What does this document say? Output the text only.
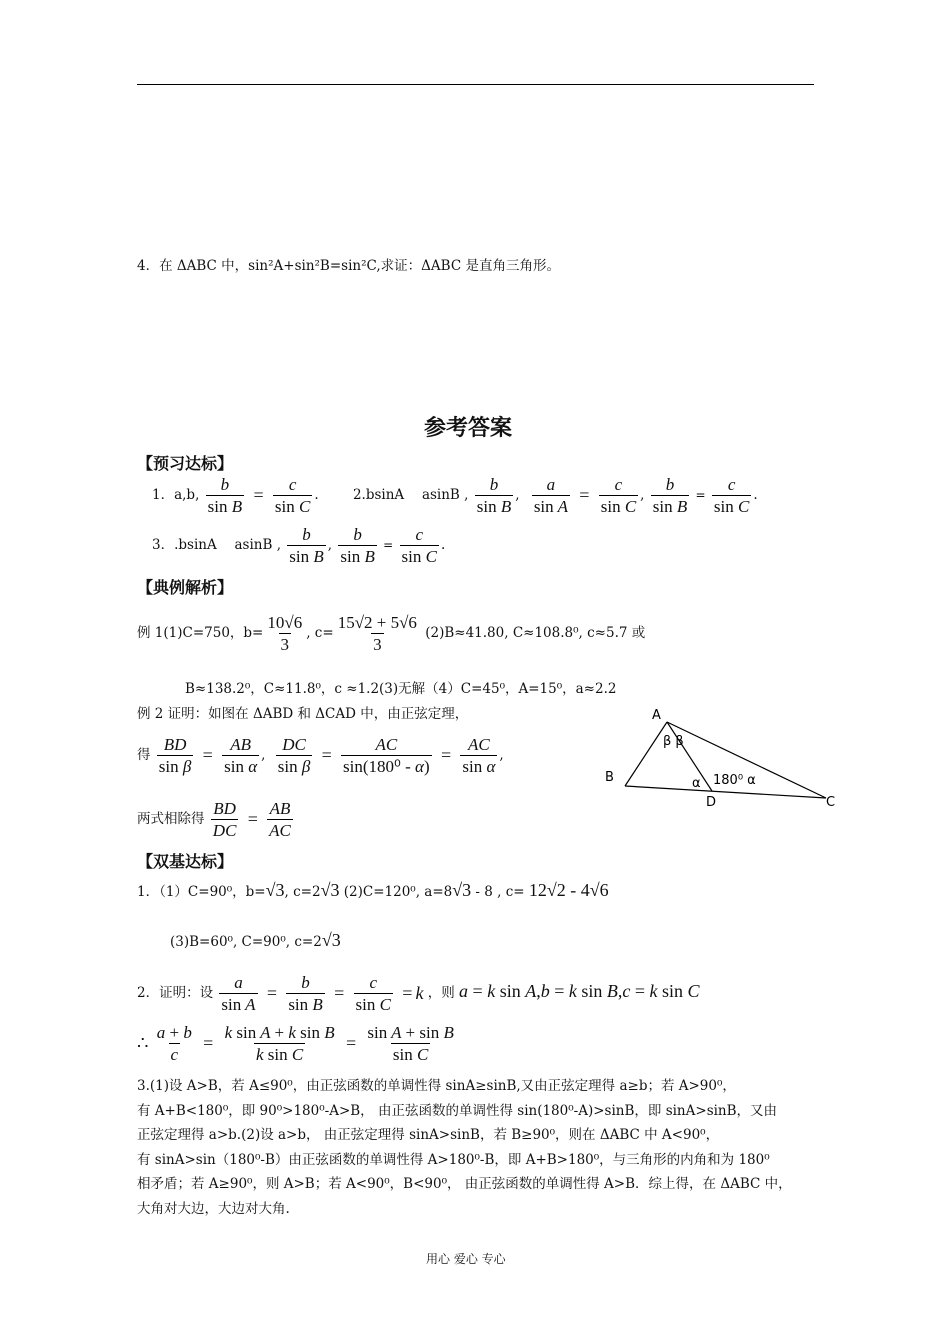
4．在 ΔABC 中，sin²A+sin²B=sin²C,求证：ΔABC 是直角三角形。
参考答案
【预习达标】
1．a,b, $\frac{b}{\text{sin B}} = \frac{c}{\text{sin C}}$ . 2.bsinA　 asinB , $\frac{b}{\text{sin B}}$ , $\frac{a}{\text{sin A}} = \frac{c}{\text{sin C}}$ , $\frac{b}{\text{sin B}} = \frac{c}{\text{sin C}}$ .
3．.bsinA　 asinB , $\frac{b}{\text{sin B}}$ , $\frac{b}{\text{sin B}} = \frac{c}{\text{sin C}}$ .
【典例解析】
例 1(1)C=750，$b= \frac{10√6}{3}$ , $c= \frac{15√2 + 5√6}{3} (2)B\approx 41.80$, C≈108.8⁰, c≈5.7 或
B≈138.2⁰，C≈11.8⁰，c ≈1.2(3)无解（4）C=45⁰，A=15⁰，a≈2.2
例 2 证明：如图在 ΔABD 和 ΔCAD 中，由正弦定理，
得 $\frac{BD}{\text{sin β}} = \frac{AB}{\text{sin α}}$ , $\frac{DC}{\text{sin β}} = \frac{AC}{\text{sin(180⁰ - α)}} = \frac{AC}{\text{sin α}}$ ,
两式相除得 $\frac{BD}{DC} = \frac{AB}{AC}$
A
B
C
D
β β
α 180⁰ α
【双基达标】
1．（1）C=90⁰，b=√3, c=2√3 (2)C=120⁰, a=8√3 - 8 , c= 12√2 - 4√6
(3)B=60⁰, C=90⁰, c=2√3
2．证明：设 $\frac{a}{\text{sin A}} = \frac{b}{\text{sin B}} = \frac{c}{\text{sin C}} = k$ ，则 a = k sin A,b = k sin B,c = k sin C
∴ $\frac{a + b}{c} = \frac{\text{k sin A + k sin B}}{\text{k sin C}} = \frac{\text{sin A + sin B}}{\text{sin C}}$
3.(1)设 A>B，若 A≤90⁰，由正弦函数的单调性得 sinA≥sinB,又由正弦定理得 a≥b；若 A>90⁰，
有 A+B<180⁰，即 90⁰>180⁰-A>B， 由正弦函数的单调性得 sin(180⁰-A)>sinB，即 sinA>sinB，又由
正弦定理得 a>b.(2)设 a>b， 由正弦定理得 sinA>sinB，若 B≥90⁰，则在 ΔABC 中 A<90⁰，
有 sinA>sin（180⁰-B）由正弦函数的单调性得 A>180⁰-B，即 A+B>180⁰，与三角形的内角和为 180⁰
相矛盾；若 A≥90⁰，则 A>B；若 A<90⁰，B<90⁰， 由正弦函数的单调性得 A>B．综上得，在 ΔABC 中，
大角对大边，大边对大角.
用心 爱心 专心
